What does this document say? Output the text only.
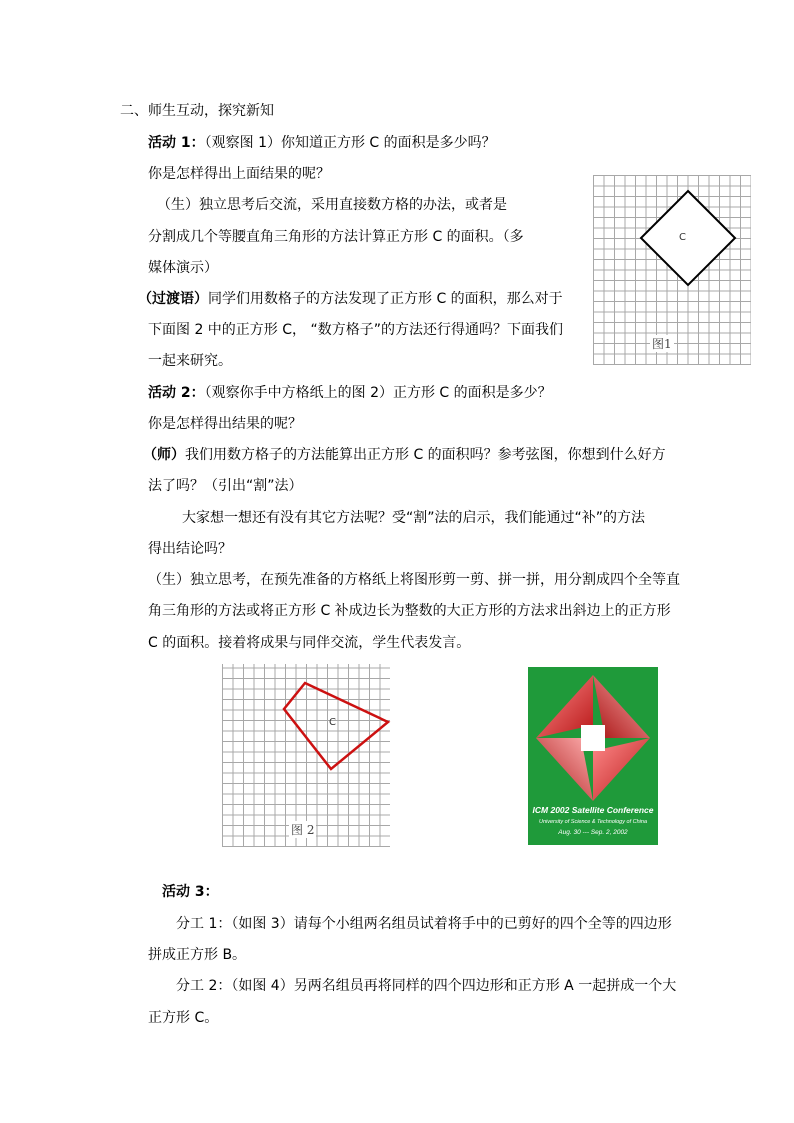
二、师生互动，探究新知
活动 1：（观察图 1）你知道正方形 C 的面积是多少吗？
你是怎样得出上面结果的呢？
（生）独立思考后交流，采用直接数方格的办法，或者是
分割成几个等腰直角三角形的方法计算正方形 C 的面积。（多
媒体演示）
（过渡语）同学们用数格子的方法发现了正方形 C 的面积，那么对于
下面图 2 中的正方形 C， “数方格子”的方法还行得通吗？下面我们
一起来研究。
C
图1
活动 2：（观察你手中方格纸上的图 2）正方形 C 的面积是多少？
你是怎样得出结果的呢？
（师）我们用数方格子的方法能算出正方形 C 的面积吗？参考弦图，你想到什么好方
法了吗？（引出“割”法）
大家想一想还有没有其它方法呢？受“割”法的启示，我们能通过“补”的方法
得出结论吗？
（生）独立思考，在预先准备的方格纸上将图形剪一剪、拼一拼，用分割成四个全等直
角三角形的方法或将正方形 C 补成边长为整数的大正方形的方法求出斜边上的正方形
C 的面积。接着将成果与同伴交流，学生代表发言。
C
图 2
ICM 2002 Satellite Conference
University of Science & Technology of China
Aug. 30 --- Sep. 2, 2002
活动 3：
分工 1：（如图 3）请每个小组两名组员试着将手中的已剪好的四个全等的四边形
拼成正方形 B。
分工 2：（如图 4）另两名组员再将同样的四个四边形和正方形 A 一起拼成一个大
正方形 C。
